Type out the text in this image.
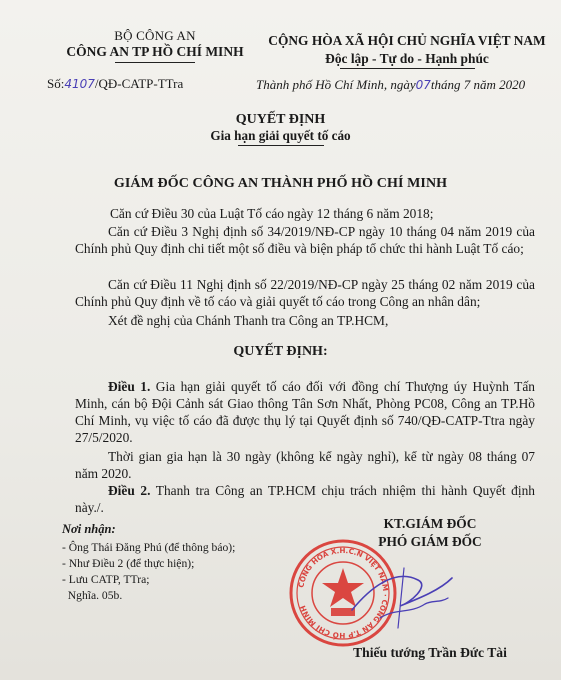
BỘ CÔNG AN
CÔNG AN TP HỒ CHÍ MINH
Số:4107/QĐ-CATP-TTra
CỘNG HÒA XÃ HỘI CHỦ NGHĨA VIỆT NAM
Độc lập - Tự do - Hạnh phúc
Thành phố Hồ Chí Minh, ngày07tháng 7 năm 2020
QUYẾT ĐỊNH
Gia hạn giải quyết tố cáo
GIÁM ĐỐC CÔNG AN THÀNH PHỐ HỒ CHÍ MINH
Căn cứ Điều 30 của Luật Tố cáo ngày 12 tháng 6 năm 2018;
Căn cứ Điều 3 Nghị định số 34/2019/NĐ-CP ngày 10 tháng 04 năm 2019 của Chính phủ Quy định chi tiết một số điều và biện pháp tổ chức thi hành Luật Tố cáo;
Căn cứ Điều 11 Nghị định số 22/2019/NĐ-CP ngày 25 tháng 02 năm 2019 của Chính phủ Quy định về tố cáo và giải quyết tố cáo trong Công an nhân dân;
Xét đề nghị của Chánh Thanh tra Công an TP.HCM,
QUYẾT ĐỊNH:
Điều 1. Gia hạn giải quyết tố cáo đối với đồng chí Thượng úy Huỳnh Tấn Minh, cán bộ Đội Cảnh sát Giao thông Tân Sơn Nhất, Phòng PC08, Công an TP.Hồ Chí Minh, vụ việc tố cáo đã được thụ lý tại Quyết định số 740/QĐ-CATP-Ttra ngày 27/5/2020.
Thời gian gia hạn là 30 ngày (không kể ngày nghỉ), kể từ ngày 08 tháng 07 năm 2020.
Điều 2. Thanh tra Công an TP.HCM chịu trách nhiệm thi hành Quyết định này./.
Nơi nhận:
- Ông Thái Đăng Phú (để thông báo);
- Như Điều 2 (để thực hiện);
- Lưu CATP, TTra;
Nghĩa. 05b.
KT.GIÁM ĐỐC
PHÓ GIÁM ĐỐC
CÔNG HÒA X.H.C.N VIỆT NAM · CÔNG AN T.P HỒ CHÍ MINH
Thiếu tướng Trần Đức Tài
